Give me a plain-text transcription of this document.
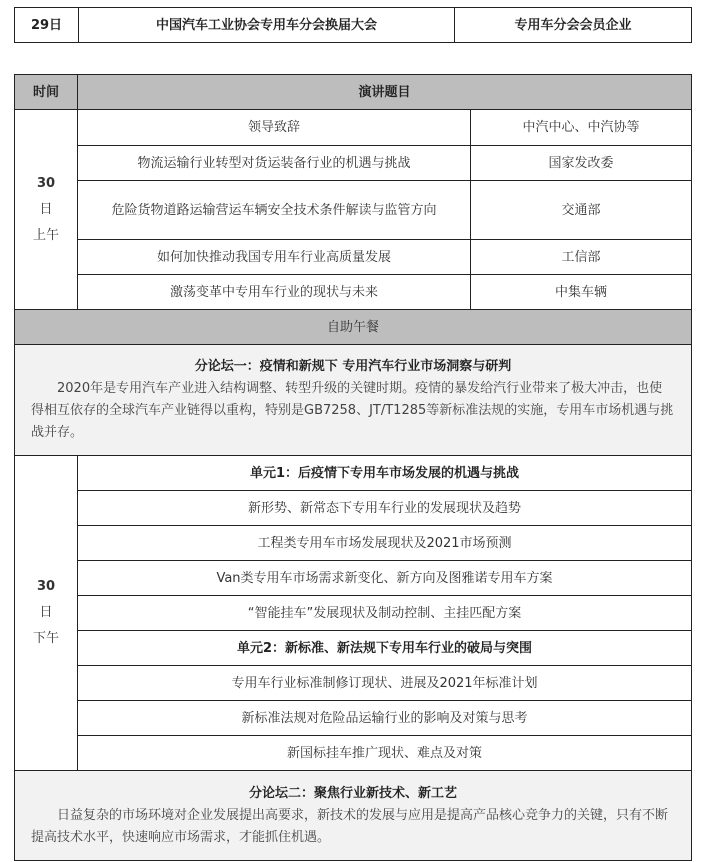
29日	中国汽车工业协会专用车分会换届大会	专用车分会会员企业
时间	演讲题目	

30
日
上午	领导致辞	中汽中心、中汽协等
	物流运输行业转型对货运装备行业的机遇与挑战	国家发改委
	危险货物道路运输营运车辆安全技术条件解读与监管方向	交通部
	如何加快推动我国专用车行业高质量发展	工信部
	激荡变革中专用车行业的现状与未来	中集车辆
自助午餐		

分论坛一：疫情和新规下 专用汽车行业市场洞察与研判
2020年是专用汽车产业进入结构调整、转型升级的关键时期。疫情的暴发给汽行业带来了极大冲击，也使得相互依存的全球汽车产业链得以重构，特别是GB7258、JT/T1285等新标准法规的实施，专用车市场机遇与挑战并存。		

30
日
下午	单元1：后疫情下专用车市场发展的机遇与挑战	
	新形势、新常态下专用车行业的发展现状及趋势	
	工程类专用车市场发展现状及2021市场预测	
	Van类专用车市场需求新变化、新方向及图雅诺专用车方案	
	“智能挂车”发展现状及制动控制、主挂匹配方案	
	单元2：新标准、新法规下专用车行业的破局与突围	
	专用车行业标准制修订现状、进展及2021年标准计划	
	新标准法规对危险品运输行业的影响及对策与思考	
	新国标挂车推广现状、难点及对策	

分论坛二：聚焦行业新技术、新工艺
日益复杂的市场环境对企业发展提出高要求，新技术的发展与应用是提高产品核心竞争力的关键，只有不断提高技术水平，快速响应市场需求，才能抓住机遇。		
